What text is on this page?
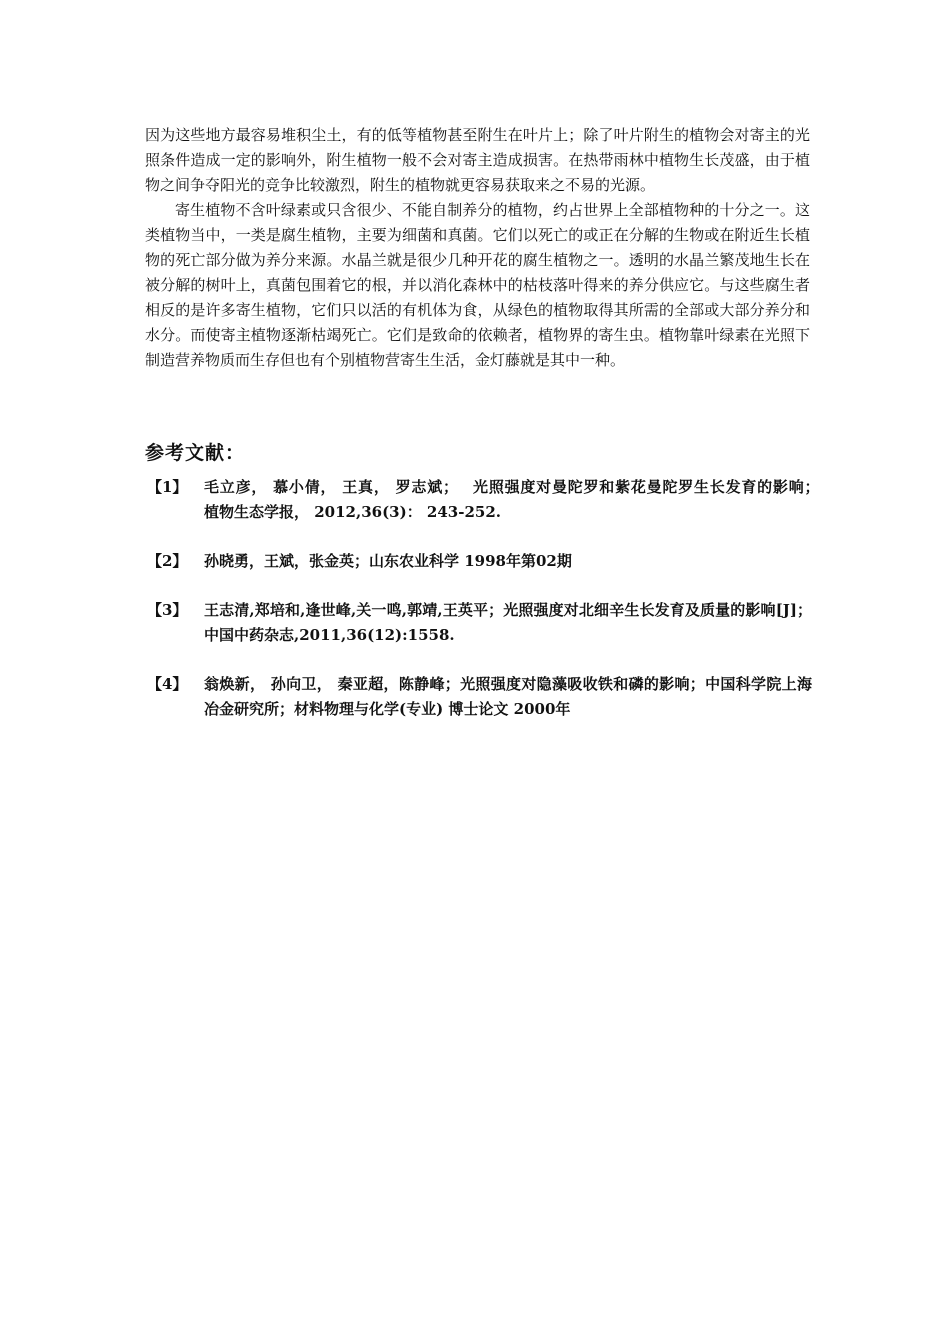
因为这些地方最容易堆积尘土，有的低等植物甚至附生在叶片上；除了叶片附生的植物会对寄主的光照条件造成一定的影响外，附生植物一般不会对寄主造成损害。在热带雨林中植物生长茂盛，由于植物之间争夺阳光的竞争比较激烈，附生的植物就更容易获取来之不易的光源。

寄生植物不含叶绿素或只含很少、不能自制养分的植物，约占世界上全部植物种的十分之一。这类植物当中，一类是腐生植物，主要为细菌和真菌。它们以死亡的或正在分解的生物或在附近生长植物的死亡部分做为养分来源。水晶兰就是很少几种开花的腐生植物之一。透明的水晶兰繁茂地生长在被分解的树叶上，真菌包围着它的根，并以消化森林中的枯枝落叶得来的养分供应它。与这些腐生者相反的是许多寄生植物，它们只以活的有机体为食，从绿色的植物取得其所需的全部或大部分养分和水分。而使寄主植物逐渐枯竭死亡。它们是致命的依赖者，植物界的寄生虫。植物靠叶绿素在光照下制造营养物质而生存但也有个别植物营寄生生活，金灯藤就是其中一种。

参考文献：
【1】	毛立彦， 慕小倩， 王真， 罗志斌；　 光照强度对曼陀罗和紫花曼陀罗生长发育的影响；　 植物生态学报， 2012,36(3)： 243-252.
【2】	孙晓勇，王斌，张金英；山东农业科学 1998年第02期
【3】	王志清,郑培和,逢世峰,关一鸣,郭靖,王英平；光照强度对北细辛生长发育及质量的影响[J]；中国中药杂志,2011,36(12):1558.
【4】	翁焕新， 孙向卫， 秦亚超，陈静峰；光照强度对隐藻吸收铁和磷的影响；中国科学院上海冶金研究所；材料物理与化学(专业) 博士论文 2000年
